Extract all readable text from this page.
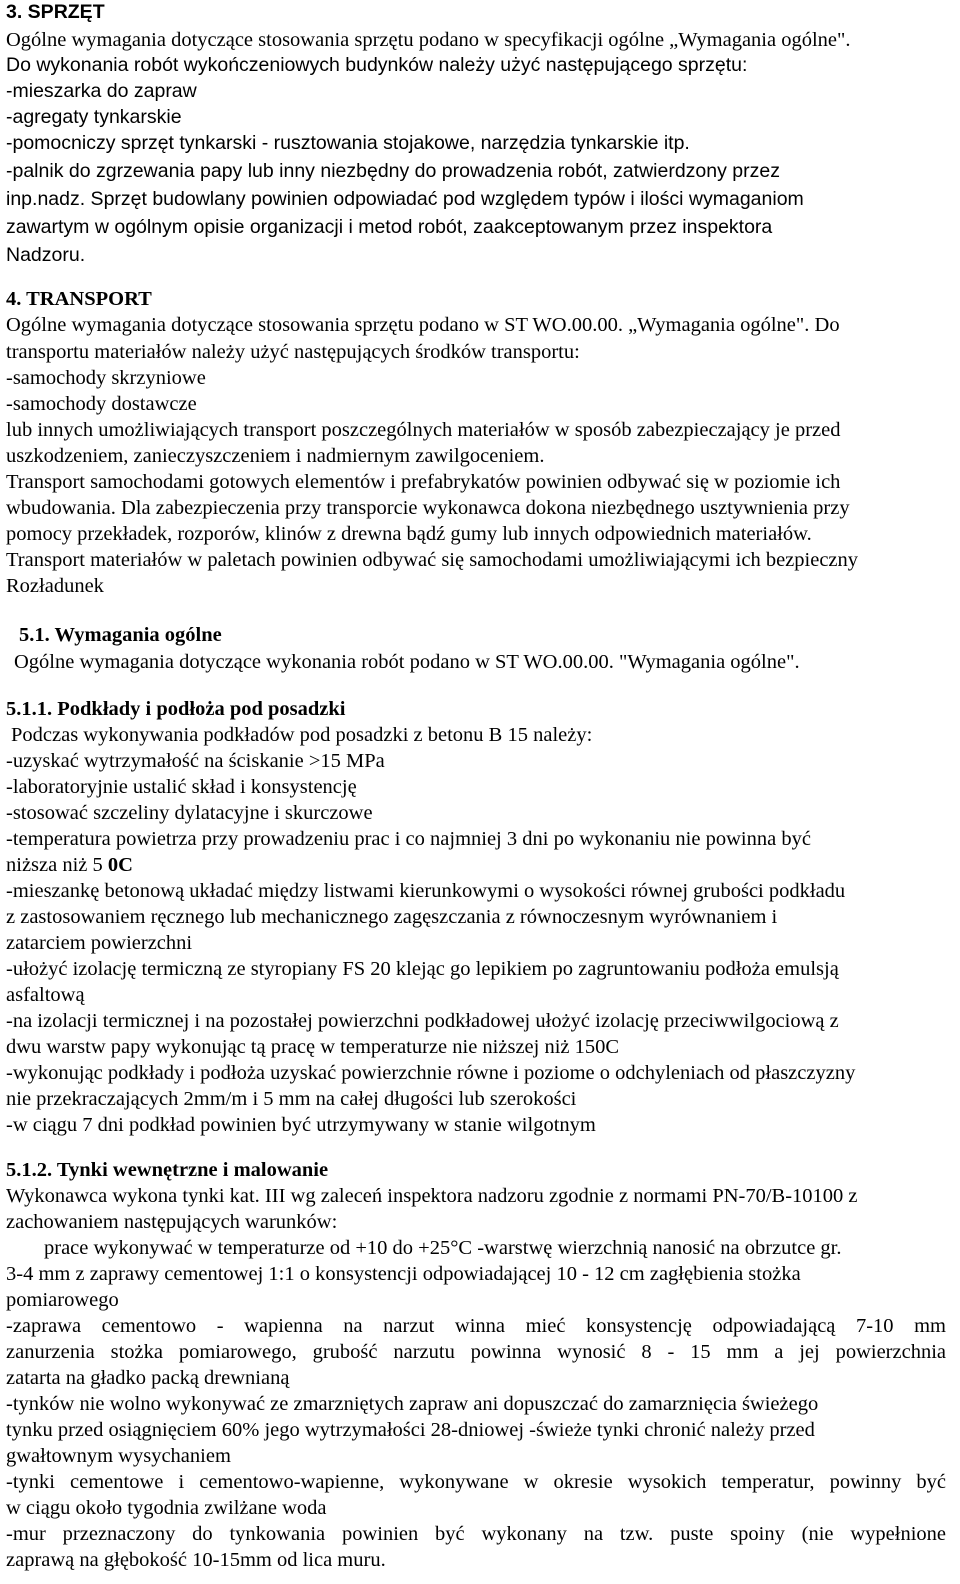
3. SPRZĘT
Ogólne wymagania dotyczące stosowania sprzętu podano w specyfikacji ogólne „Wymagania ogólne".
Do wykonania robót wykończeniowych budynków należy użyć następującego sprzętu:
-mieszarka do zapraw
-agregaty tynkarskie
-pomocniczy sprzęt tynkarski - rusztowania stojakowe, narzędzia tynkarskie itp.
-palnik do zgrzewania papy lub inny niezbędny do prowadzenia robót, zatwierdzony przez
inp.nadz. Sprzęt budowlany powinien odpowiadać pod względem typów i ilości wymaganiom
zawartym w ogólnym opisie organizacji i metod robót, zaakceptowanym przez inspektora
Nadzoru.
4. TRANSPORT
Ogólne wymagania dotyczące stosowania sprzętu podano w ST WO.00.00. „Wymagania ogólne". Do
transportu materiałów należy użyć następujących środków transportu:
-samochody skrzyniowe
-samochody dostawcze
lub innych umożliwiających transport poszczególnych materiałów w sposób zabezpieczający je przed
uszkodzeniem, zanieczyszczeniem i nadmiernym zawilgoceniem.
Transport samochodami gotowych elementów i prefabrykatów powinien odbywać się w poziomie ich
wbudowania. Dla zabezpieczenia przy transporcie wykonawca dokona niezbędnego usztywnienia przy
pomocy przekładek, rozporów, klinów z drewna bądź gumy lub innych odpowiednich materiałów.
Transport materiałów w paletach powinien odbywać się samochodami umożliwiającymi ich bezpieczny
Rozładunek
5.1. Wymagania ogólne
Ogólne wymagania dotyczące wykonania robót podano w ST WO.00.00. "Wymagania ogólne".
5.1.1. Podkłady i podłoża pod posadzki
Podczas wykonywania podkładów pod posadzki z betonu B 15 należy:
-uzyskać wytrzymałość na ściskanie >15 MPa
-laboratoryjnie ustalić skład i konsystencję
-stosować szczeliny dylatacyjne i skurczowe
-temperatura powietrza przy prowadzeniu prac i co najmniej 3 dni po wykonaniu nie powinna być
niższa niż 5 0C
-mieszankę betonową układać między listwami kierunkowymi o wysokości równej grubości podkładu
z zastosowaniem ręcznego lub mechanicznego zagęszczania z równoczesnym wyrównaniem i
zatarciem powierzchni
-ułożyć izolację termiczną ze styropiany FS 20 klejąc go lepikiem po zagruntowaniu podłoża emulsją
asfaltową
-na izolacji termicznej i na pozostałej powierzchni podkładowej ułożyć izolację przeciwwilgociową z
dwu warstw papy wykonując tą pracę w temperaturze nie niższej niż 150C
-wykonując podkłady i podłoża uzyskać powierzchnie równe i poziome o odchyleniach od płaszczyzny
nie przekraczających 2mm/m i 5 mm na całej długości lub szerokości
-w ciągu 7 dni podkład powinien być utrzymywany w stanie wilgotnym
5.1.2. Tynki wewnętrzne i malowanie
Wykonawca wykona tynki kat. III wg zaleceń inspektora nadzoru zgodnie z normami PN-70/B-10100 z
zachowaniem następujących warunków:
prace wykonywać w temperaturze od +10 do +25°C -warstwę wierzchnią nanosić na obrzutce gr.
3-4 mm z zaprawy cementowej 1:1 o konsystencji odpowiadającej 10 - 12 cm zagłębienia stożka
pomiarowego
-zaprawa cementowo - wapienna na narzut winna mieć konsystencję odpowiadającą 7-10 mm
zanurzenia stożka pomiarowego, grubość narzutu powinna wynosić 8 - 15 mm a jej powierzchnia
zatarta na gładko packą drewnianą
-tynków nie wolno wykonywać ze zmarzniętych zapraw ani dopuszczać do zamarznięcia świeżego
tynku przed osiągnięciem 60% jego wytrzymałości 28-dniowej -świeże tynki chronić należy przed
gwałtownym wysychaniem
-tynki cementowe i cementowo-wapienne, wykonywane w okresie wysokich temperatur, powinny być
w ciągu około tygodnia zwilżane woda
-mur przeznaczony do tynkowania powinien być wykonany na tzw. puste spoiny (nie wypełnione
zaprawą na głębokość 10-15mm od lica muru.
